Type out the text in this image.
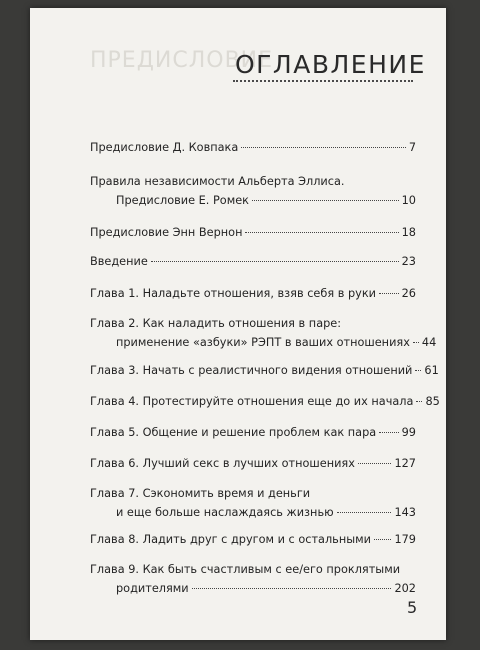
ПРЕДИСЛОВИЕ
ОГЛАВЛЕНИЕ
Предисловие Д. Ковпака	7
Правила независимости Альберта Эллиса.
Предисловие Е. Ромек	10
Предисловие Энн Вернон	18
Введение	23
Глава 1. Наладьте отношения, взяв себя в руки 26
Глава 2. Как наладить отношения в паре:
применение «азбуки» РЭПТ в ваших отношениях 44
Глава 3. Начать с реалистичного видения отношений 61
Глава 4. Протестируйте отношения еще до их начала 85
Глава 5. Общение и решение проблем как пара 99
Глава 6. Лучший секс в лучших отношениях	127
Глава 7. Сэкономить время и деньги
и еще больше наслаждаясь жизнью	143
Глава 8. Ладить друг с другом и с остальными 179
Глава 9. Как быть счастливым с ее/его проклятыми
родителями	202
5
